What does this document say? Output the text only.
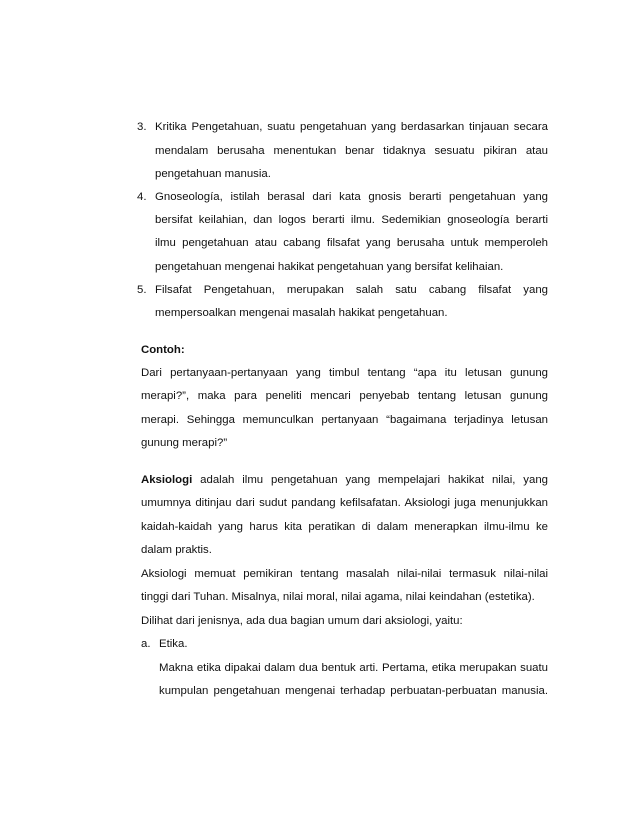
3. Kritika Pengetahuan, suatu pengetahuan yang berdasarkan tinjauan secara
mendalam berusaha menentukan benar tidaknya sesuatu pikiran atau
pengetahuan manusia.
4. Gnoseología, istilah berasal dari kata gnosis berarti pengetahuan yang
bersifat keilahian, dan logos berarti ilmu. Sedemikian gnoseología berarti
ilmu pengetahuan atau cabang filsafat yang berusaha untuk memperoleh
pengetahuan mengenai hakikat pengetahuan yang bersifat kelihaian.
5. Filsafat Pengetahuan, merupakan salah satu cabang filsafat yang
mempersoalkan mengenai masalah hakikat pengetahuan.
Contoh:
Dari pertanyaan-pertanyaan yang timbul tentang “apa itu letusan gunung
merapi?”, maka para peneliti mencari penyebab tentang letusan gunung
merapi. Sehingga memunculkan pertanyaan “bagaimana terjadinya letusan
gunung merapi?”
Aksiologi adalah ilmu pengetahuan yang mempelajari hakikat nilai, yang
umumnya ditinjau dari sudut pandang kefilsafatan. Aksiologi juga menunjukkan
kaidah-kaidah yang harus kita peratikan di dalam menerapkan ilmu-ilmu ke
dalam praktis.
Aksiologi memuat pemikiran tentang masalah nilai-nilai termasuk nilai-nilai
tinggi dari Tuhan. Misalnya, nilai moral, nilai agama, nilai keindahan (estetika).
Dilihat dari jenisnya, ada dua bagian umum dari aksiologi, yaitu:
a. Etika.
Makna etika dipakai dalam dua bentuk arti. Pertama, etika merupakan suatu
kumpulan pengetahuan mengenai terhadap perbuatan-perbuatan manusia.
